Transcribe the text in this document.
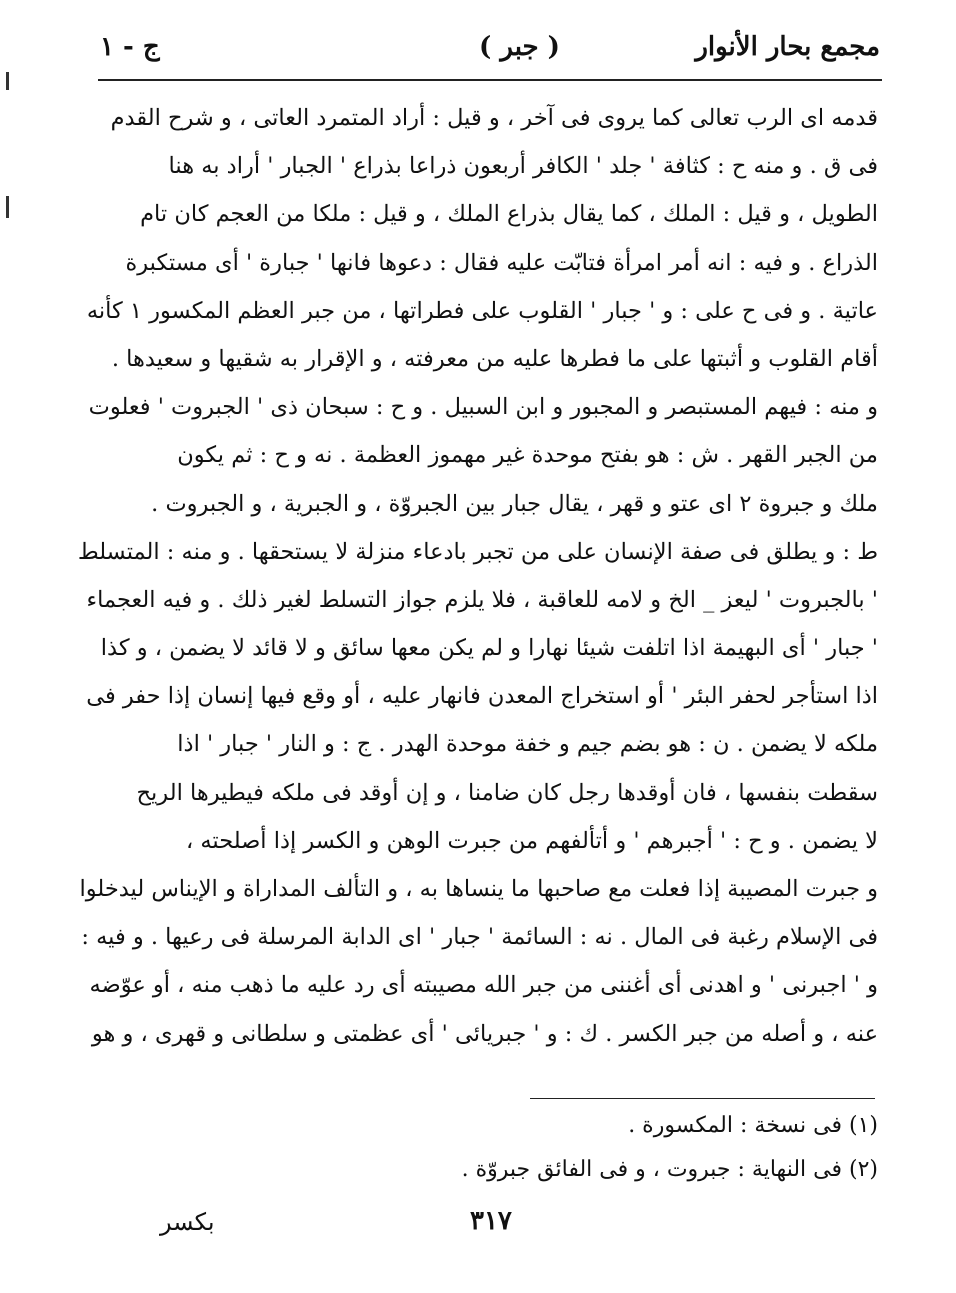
مجمع بحار الأنوار
( جبر )
ج - ١
قدمه اى الرب تعالى كما يروى فى آخر ، و قيل : أراد المتمرد العاتى ، و شرح القدم
فى ق . و منه ح : كثافة ' جلد ' الكافر أربعون ذراعا بذراع ' الجبار ' أراد به هنا
الطويل ، و قيل : الملك ، كما يقال بذراع الملك ، و قيل : ملكا من العجم كان تام
الذراع . و فيه : انه أمر امرأة فتابّت عليه فقال : دعوها فانها ' جبارة ' أى مستكبرة
عاتية . و فى ح على : و ' جبار ' القلوب على فطراتها ، من جبر العظم المكسور ١ كأنه
أقام القلوب و أثبتها على ما فطرها عليه من معرفته ، و الإقرار به شقيها و سعيدها .
و منه : فيهم المستبصر و المجبور و ابن السبيل . و ح : سبحان ذى ' الجبروت ' فعلوت
من الجبر القهر . ش : هو بفتح موحدة غير مهموز العظمة . نه و ح : ثم يكون
ملك و جبروة ٢ اى عتو و قهر ، يقال جبار بين الجبروّة ، و الجبرية ، و الجبروت .
ط : و يطلق فى صفة الإنسان على من تجبر بادعاء منزلة لا يستحقها . و منه : المتسلط
' بالجبروت ' ليعز _ الخ و لامه للعاقبة ، فلا يلزم جواز التسلط لغير ذلك . و فيه العجماء
' جبار ' أى البهيمة اذا اتلفت شيئا نهارا و لم يكن معها سائق و لا قائد لا يضمن ، و كذا
اذا استأجر لحفر البئر ' أو استخراج المعدن فانهار عليه ، أو وقع فيها إنسان إذا حفر فى
ملكه لا يضمن . ن : هو بضم جيم و خفة موحدة الهدر . ج : و النار ' جبار ' اذا
سقطت بنفسها ، فان أوقدها رجل كان ضامنا ، و إن أوقد فى ملكه فيطيرها الريح
لا يضمن . و ح : ' أجبرهم ' و أتألفهم من جبرت الوهن و الكسر إذا أصلحته ،
و جبرت المصيبة إذا فعلت مع صاحبها ما ينساها به ، و التألف المداراة و الإيناس ليدخلوا
فى الإسلام رغبة فى المال . نه : السائمة ' جبار ' اى الدابة المرسلة فى رعيها . و فيه :
و ' اجبرنى ' و اهدنى أى أغننى من جبر الله مصيبته أى رد عليه ما ذهب منه ، أو عوّضه
عنه ، و أصله من جبر الكسر . ك : و ' جبريائى ' أى عظمتى و سلطانى و قهرى ، و هو
(١) فى نسخة : المكسورة .
(٢) فى النهاية : جبروت ، و فى الفائق جبروّة .
٣١٧
بكسر
